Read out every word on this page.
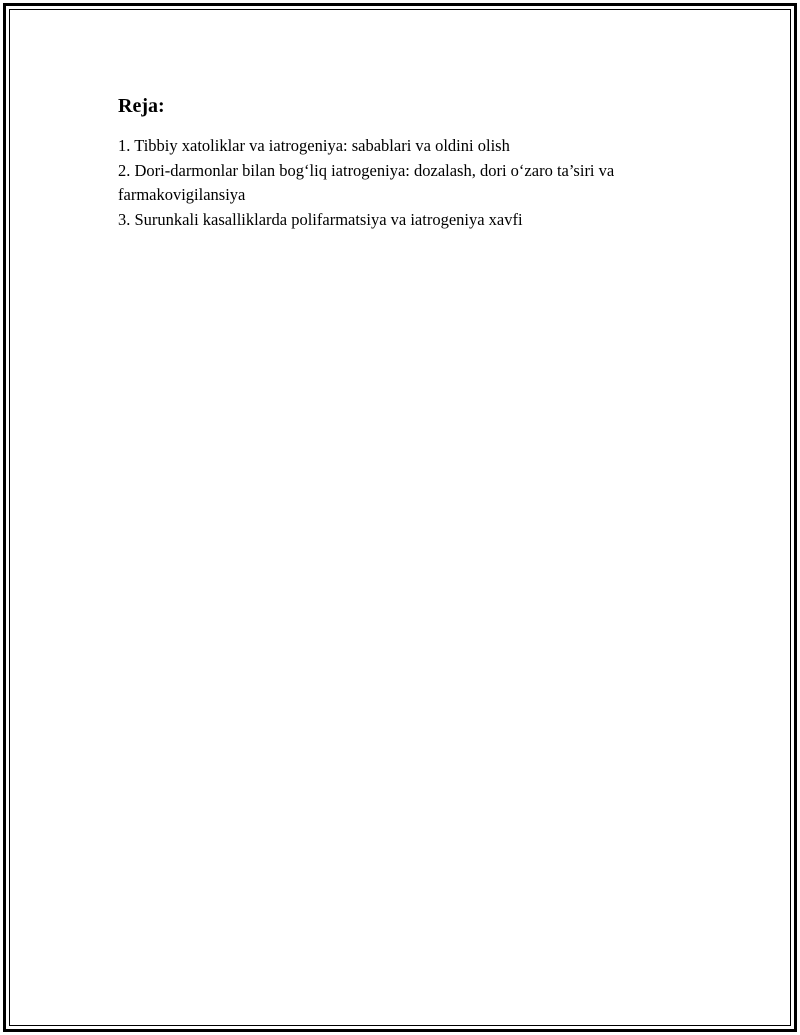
Reja:
1. Tibbiy xatoliklar va iatrogeniya: sabablari va oldini olish
2. Dori-darmonlar bilan bog‘liq iatrogeniya: dozalash, dori o‘zaro ta’siri va farmakovigilansiya
3. Surunkali kasalliklarda polifarmatsiya va iatrogeniya xavfi
